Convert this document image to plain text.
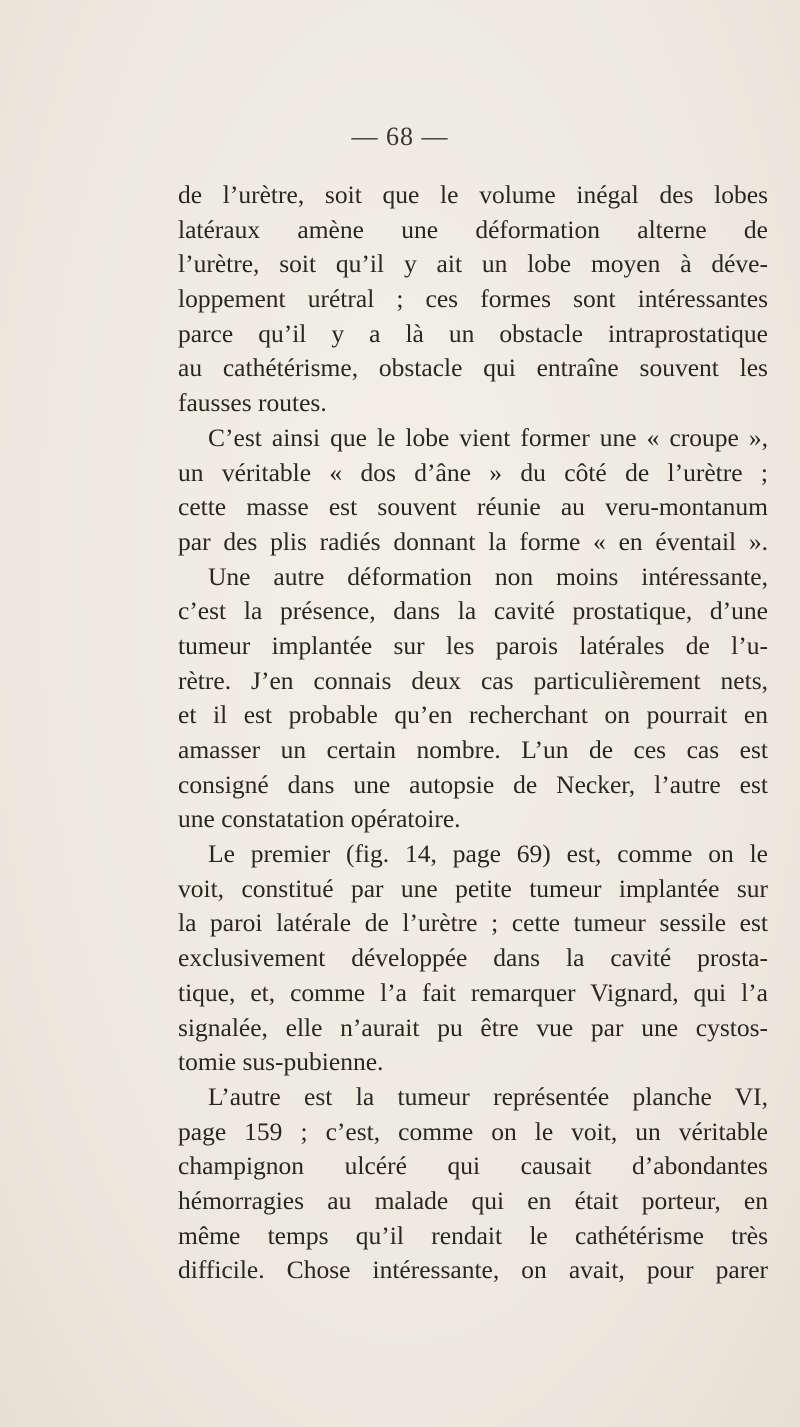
— 68 —
de l’urètre, soit que le volume inégal des lobes
latéraux amène une déformation alterne de
l’urètre, soit qu’il y ait un lobe moyen à déve-
loppement urétral ; ces formes sont intéressantes
parce qu’il y a là un obstacle intraprostatique
au cathétérisme, obstacle qui entraîne souvent les
fausses routes.
C’est ainsi que le lobe vient former une « croupe »,
un véritable « dos d’âne » du côté de l’urètre ;
cette masse est souvent réunie au veru-montanum
par des plis radiés donnant la forme « en éventail ».
Une autre déformation non moins intéressante,
c’est la présence, dans la cavité prostatique, d’une
tumeur implantée sur les parois latérales de l’u-
rètre. J’en connais deux cas particulièrement nets,
et il est probable qu’en recherchant on pourrait en
amasser un certain nombre. L’un de ces cas est
consigné dans une autopsie de Necker, l’autre est
une constatation opératoire.
Le premier (fig. 14, page 69) est, comme on le
voit, constitué par une petite tumeur implantée sur
la paroi latérale de l’urètre ; cette tumeur sessile est
exclusivement développée dans la cavité prosta-
tique, et, comme l’a fait remarquer Vignard, qui l’a
signalée, elle n’aurait pu être vue par une cystos-
tomie sus-pubienne.
L’autre est la tumeur représentée planche VI,
page 159 ; c’est, comme on le voit, un véritable
champignon ulcéré qui causait d’abondantes
hémorragies au malade qui en était porteur, en
même temps qu’il rendait le cathétérisme très
difficile. Chose intéressante, on avait, pour parer
